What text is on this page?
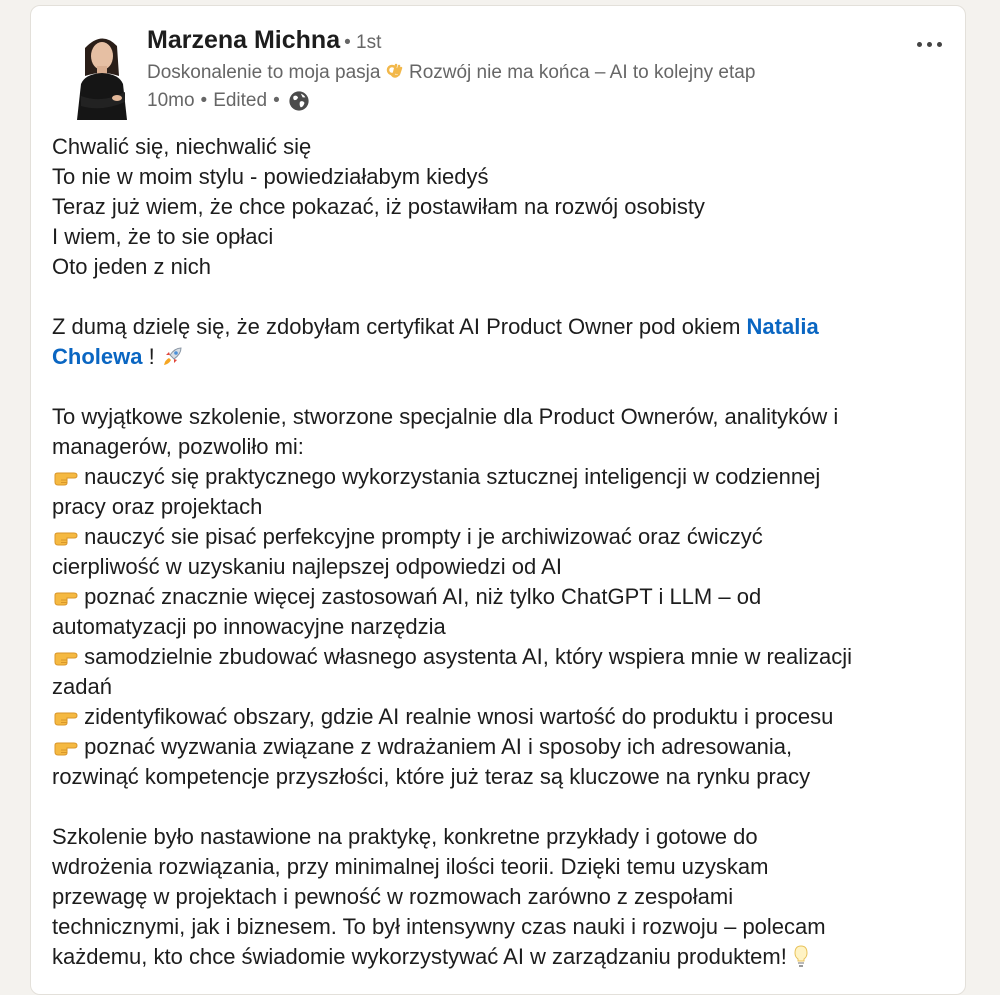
Marzena Michna • 1st
Doskonalenie to moja pasja Rozwój nie ma końca – AI to kolejny etap
10mo • Edited •
Chwalić się, niechwalić się
To nie w moim stylu - powiedziałabym kiedyś
Teraz już wiem, że chce pokazać, iż postawiłam na rozwój osobisty
I wiem, że to sie opłaci
Oto jeden z nich
Z dumą dzielę się, że zdobyłam certyfikat AI Product Owner pod okiem Natalia
Cholewa !
To wyjątkowe szkolenie, stworzone specjalnie dla Product Ownerów, analityków i
managerów, pozwoliło mi:
nauczyć się praktycznego wykorzystania sztucznej inteligencji w codziennej
pracy oraz projektach
nauczyć sie pisać perfekcyjne prompty i je archiwizować oraz ćwiczyć
cierpliwość w uzyskaniu najlepszej odpowiedzi od AI
poznać znacznie więcej zastosowań AI, niż tylko ChatGPT i LLM – od
automatyzacji po innowacyjne narzędzia
samodzielnie zbudować własnego asystenta AI, który wspiera mnie w realizacji
zadań
zidentyfikować obszary, gdzie AI realnie wnosi wartość do produktu i procesu
poznać wyzwania związane z wdrażaniem AI i sposoby ich adresowania,
rozwinąć kompetencje przyszłości, które już teraz są kluczowe na rynku pracy
Szkolenie było nastawione na praktykę, konkretne przykłady i gotowe do
wdrożenia rozwiązania, przy minimalnej ilości teorii. Dzięki temu uzyskam
przewagę w projektach i pewność w rozmowach zarówno z zespołami
technicznymi, jak i biznesem. To był intensywny czas nauki i rozwoju – polecam
każdemu, kto chce świadomie wykorzystywać AI w zarządzaniu produktem!
